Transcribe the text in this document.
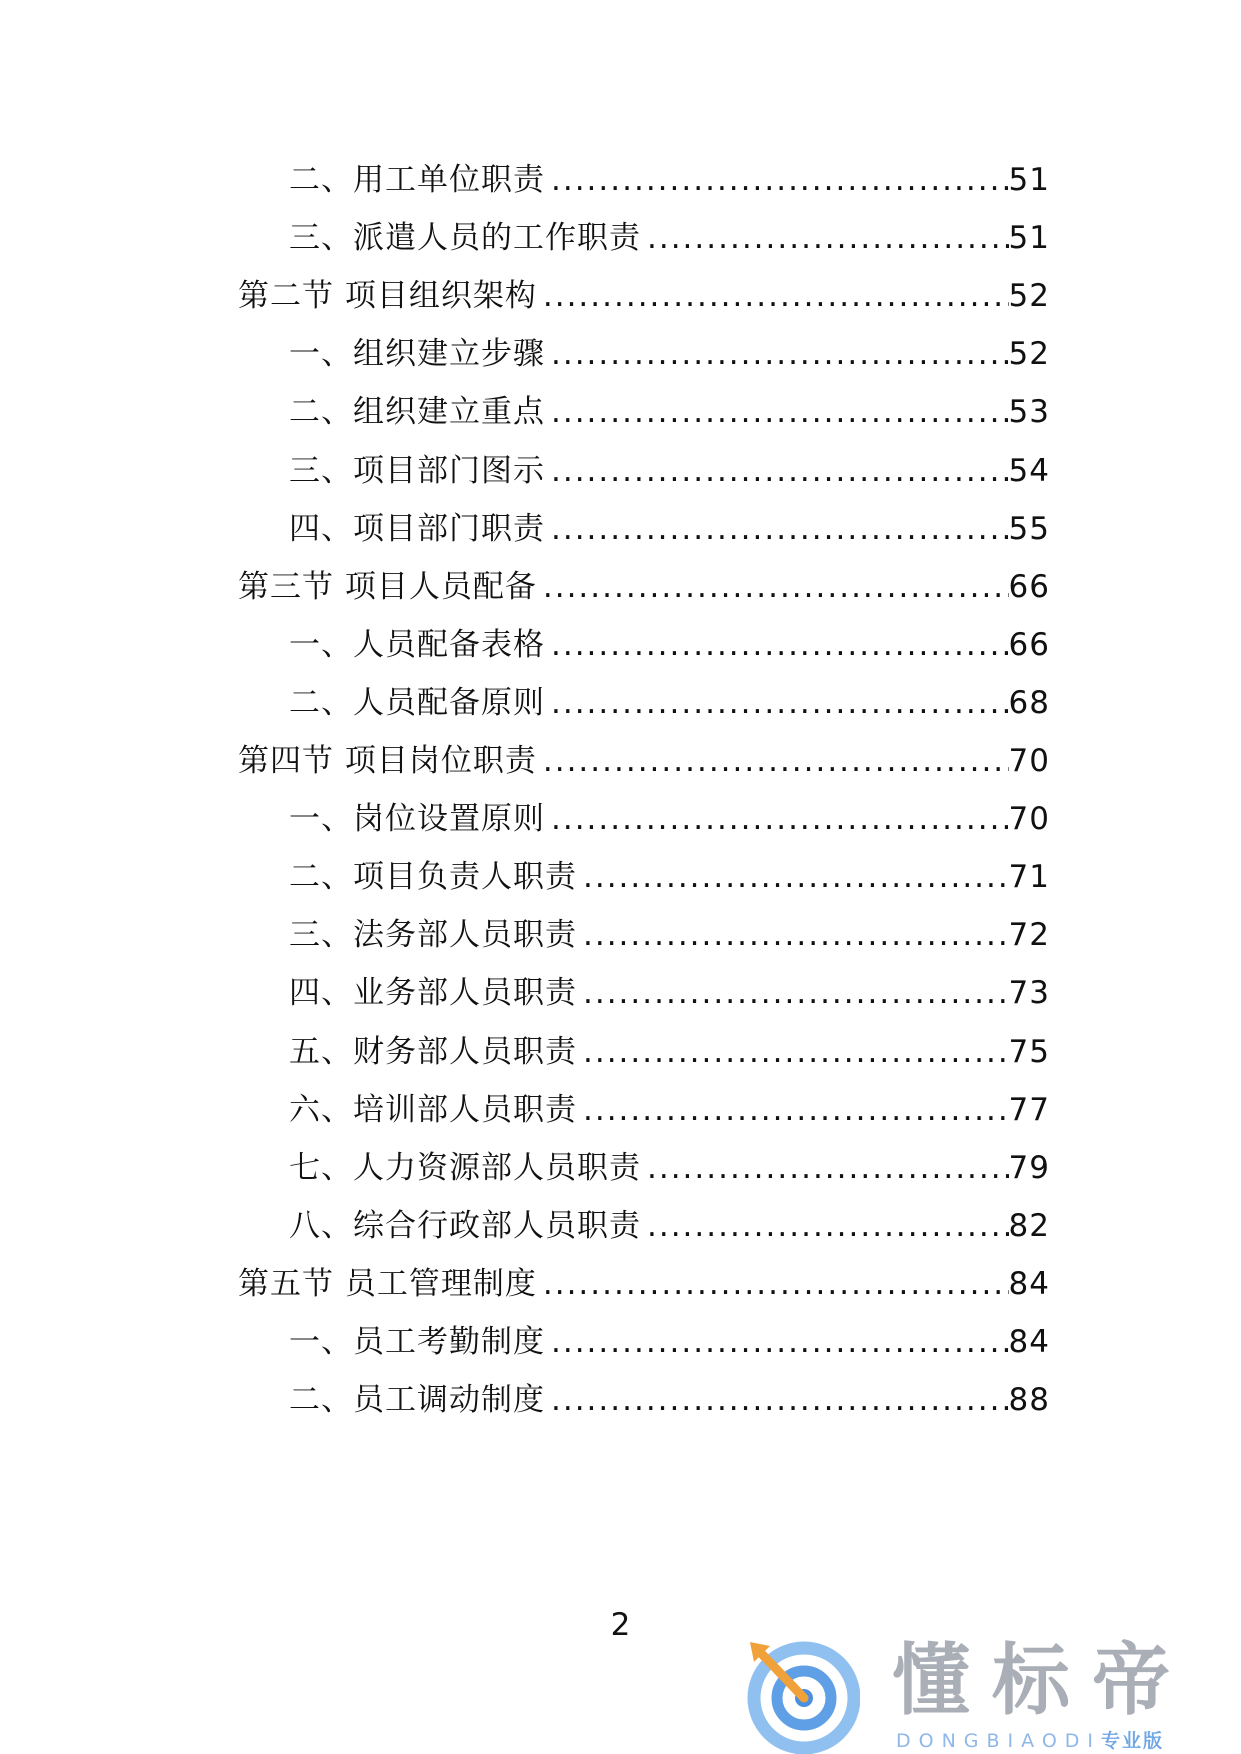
二、用工单位职责 .....	51
三、派遣人员的工作职责 .....	51
第二节 项目组织架构 .....	52
一、组织建立步骤 .....	52
二、组织建立重点 .....	53
三、项目部门图示 .....	54
四、项目部门职责 .....	55
第三节 项目人员配备 .....	66
一、人员配备表格 .....	66
二、人员配备原则 .....	68
第四节 项目岗位职责 .....	70
一、岗位设置原则 .....	70
二、项目负责人职责 .....	71
三、法务部人员职责 .....	72
四、业务部人员职责 .....	73
五、财务部人员职责 .....	75
六、培训部人员职责 .....	77
七、人力资源部人员职责 .....	79
八、综合行政部人员职责 .....	82
第五节 员工管理制度 .....	84
一、员工考勤制度 .....	84
二、员工调动制度 .....	88
2
懂标帝
DONGBIAODI专业版
